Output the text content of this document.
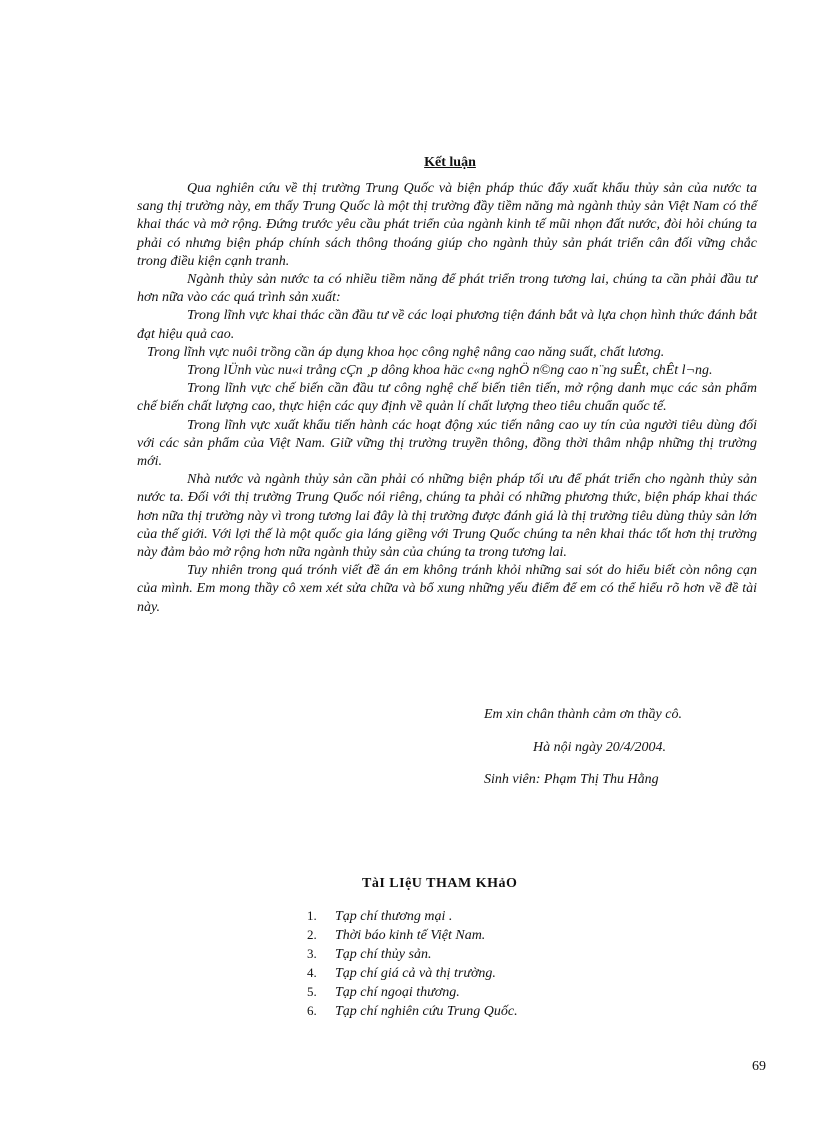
Kết luận

Qua nghiên cứu về thị trường Trung Quốc và biện pháp thúc đẩy xuất khẩu thủy sản của nước ta sang thị trường này, em thấy Trung Quốc là một thị trường đầy tiềm năng mà ngành thủy sản Việt Nam có thể khai thác và mở rộng. Đứng trước yêu cầu phát triển của ngành kinh tế mũi nhọn đất nước, đòi hỏi chúng ta phải có nhưng biện pháp chính sách thông thoáng giúp cho ngành thủy sản phát triển cân đối vững chắc trong điều kiện cạnh tranh.

Ngành thủy sản nước ta có nhiều tiềm năng để phát triển trong tương lai, chúng ta cần phải đầu tư hơn nữa vào các quá trình sản xuất:

Trong lĩnh vực khai thác cần đầu tư về các loại phương tiện đánh bắt và lựa chọn hình thức đánh bắt đạt hiệu quả cao.

Trong lĩnh vực nuôi trồng cần áp dụng khoa học công nghệ nâng cao năng suất, chất lương.

Trong lÜnh vùc nu«i trång cÇn ¸p dông khoa häc c«ng nghÖ n©ng cao n¨ng suÊt, chÊt l¬ng.

Trong lĩnh vực chế biến cần đầu tư công nghệ chế biến tiên tiến, mở rộng danh mục các sản phẩm chế biến chất lượng cao, thực hiện các quy định về quản lí chất lượng theo tiêu chuẩn quốc tế.

Trong lĩnh vực xuất khẩu tiến hành các hoạt động xúc tiến nâng cao uy tín của người tiêu dùng đối với các sản phẩm của Việt Nam. Giữ vững thị trường truyền thông, đồng thời thâm nhập những thị trường mới.

Nhà nước và ngành thủy sản cần phải có những biện pháp tối ưu để phát triển cho ngành thủy sản nước ta. Đối với thị trường Trung Quốc nói riêng, chúng ta phải có những phương thức, biện pháp khai thác hơn nữa thị trường này vì trong tương lai đây là thị trường được đánh giá là thị trường tiêu dùng thủy sản lớn của thế giới. Với lợi thế là một quốc gia láng giềng với Trung Quốc chúng ta nên khai thác tốt hơn thị trường này đảm bảo mở rộng hơn nữa ngành thủy sản của chúng ta trong tương lai.

Tuy nhiên trong quá trónh viết đề án em không tránh khỏi những sai sót do hiểu biết còn nông cạn của mình. Em mong thầy cô xem xét sửa chữa và bổ xung những yếu điểm để em có thể hiểu rõ hơn về đề tài này.

Em xin chân thành cảm ơn thầy cô.
Hà nội ngày 20/4/2004.
Sinh viên: Phạm Thị Thu Hằng
TàI LIệU THAM KHảO
1.	Tạp chí thương mại .
2.	Thời báo kinh tế Việt Nam.
3.	Tạp chí thủy sản.
4.	Tạp chí giá cả và thị trường.
5.	Tạp chí ngoại thương.
6.	Tạp chí nghiên cứu Trung Quốc.
69
